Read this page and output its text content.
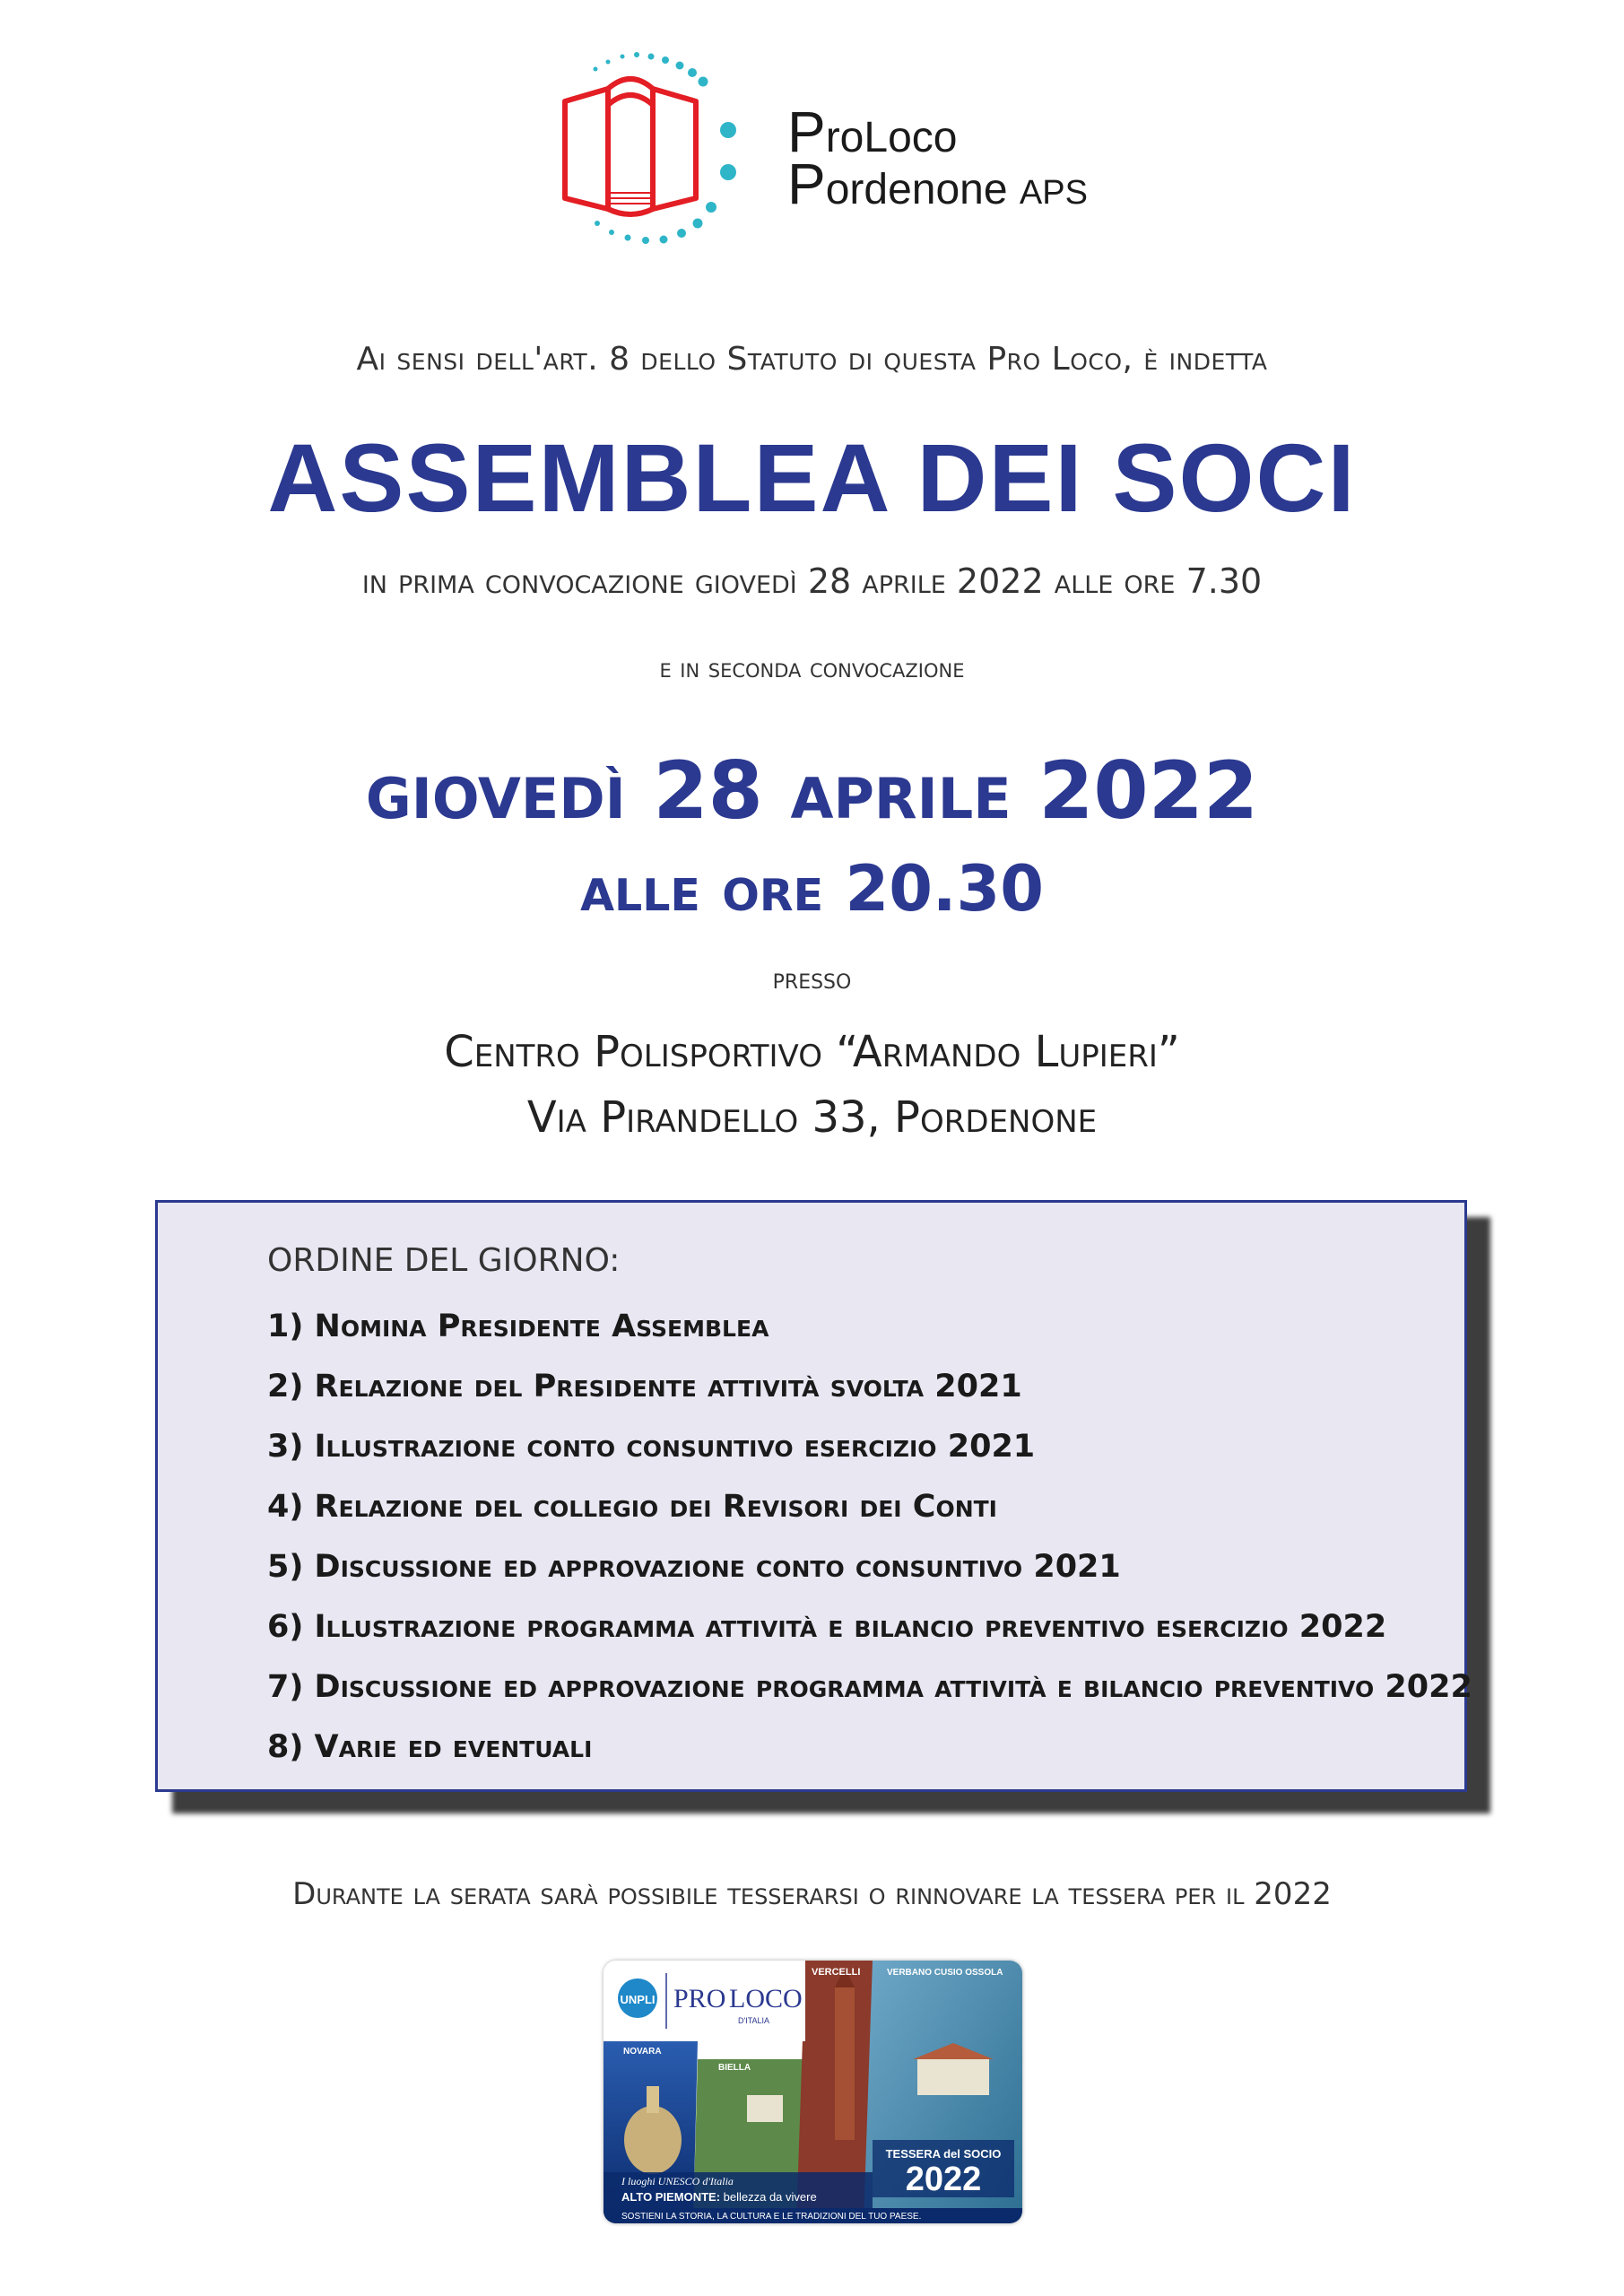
ProLoco
Pordenone APS
Ai sensi dell'art. 8 dello Statuto di questa Pro Loco, è indetta
ASSEMBLEA DEI SOCI
in prima convocazione giovedì 28 aprile 2022 alle ore 7.30
e in seconda convocazione
giovedì 28 aprile 2022
alle ore 20.30
presso
Centro Polisportivo “Armando Lupieri”
Via Pirandello 33, Pordenone
ORDINE DEL GIORNO:
1) Nomina Presidente Assemblea
2) Relazione del Presidente attività svolta 2021
3) Illustrazione conto consuntivo esercizio 2021
4) Relazione del collegio dei Revisori dei Conti
5) Discussione ed approvazione conto consuntivo 2021
6) Illustrazione programma attività e bilancio preventivo esercizio 2022
7) Discussione ed approvazione programma attività e bilancio preventivo 2022
8) Varie ed eventuali
Durante la serata sarà possibile tesserarsi o rinnovare la tessera per il 2022
UNPLI PRO LOCO
D'ITALIA
VERCELLI	VERBANO CUSIO OSSOLA
NOVARA
BIELLA
TESSERA del SOCIO
2022
I luoghi UNESCO d'Italia
ALTO PIEMONTE: bellezza da vivere
SOSTIENI LA STORIA, LA CULTURA E LE TRADIZIONI DEL TUO PAESE.
